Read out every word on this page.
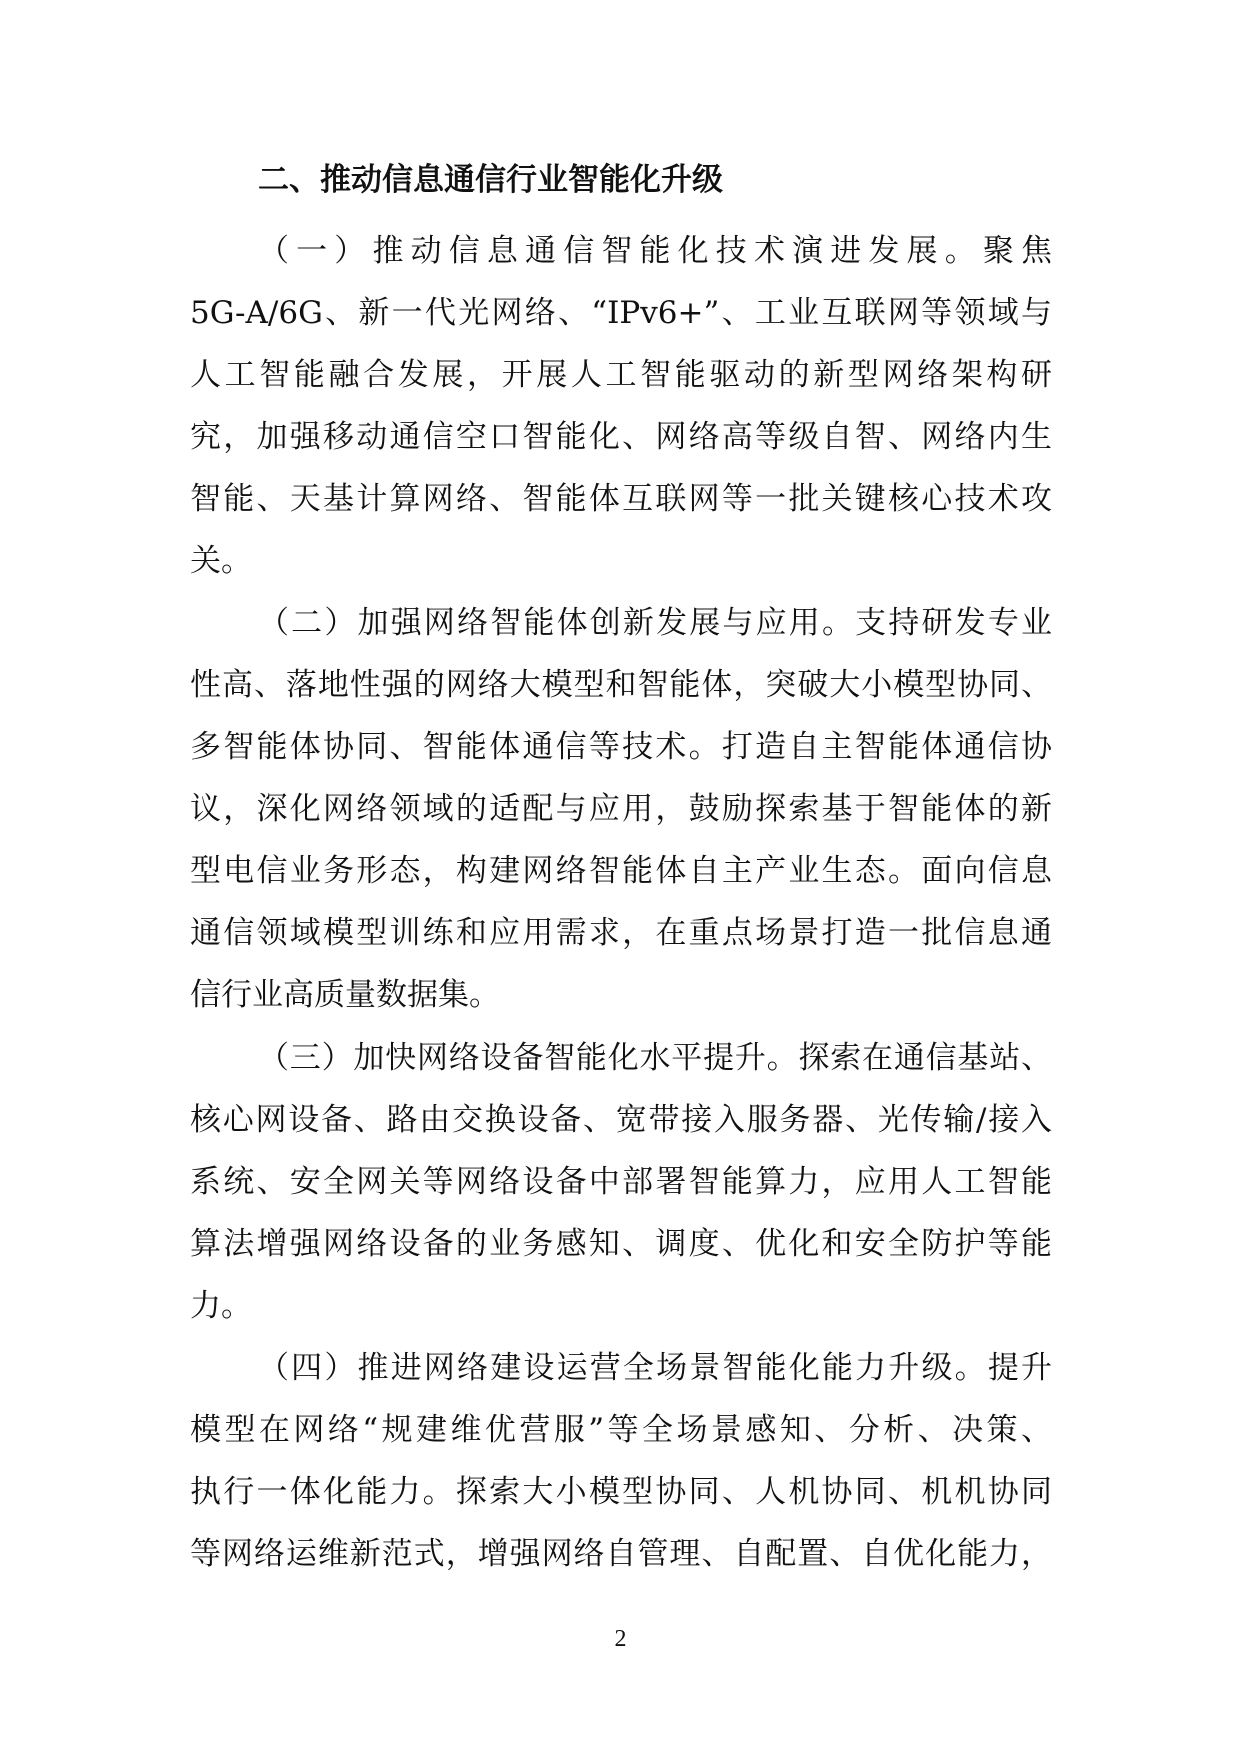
二、推动信息通信行业智能化升级
（一）推动信息通信智能化技术演进发展。聚焦
5G-A/6G、新一代光网络、“IPv6+”、工业互联网等领域与
人工智能融合发展，开展人工智能驱动的新型网络架构研
究，加强移动通信空口智能化、网络高等级自智、网络内生
智能、天基计算网络、智能体互联网等一批关键核心技术攻
关。
（二）加强网络智能体创新发展与应用。支持研发专业
性高、落地性强的网络大模型和智能体，突破大小模型协同、
多智能体协同、智能体通信等技术。打造自主智能体通信协
议，深化网络领域的适配与应用，鼓励探索基于智能体的新
型电信业务形态，构建网络智能体自主产业生态。面向信息
通信领域模型训练和应用需求，在重点场景打造一批信息通
信行业高质量数据集。
（三）加快网络设备智能化水平提升。探索在通信基站、
核心网设备、路由交换设备、宽带接入服务器、光传输/接入
系统、安全网关等网络设备中部署智能算力，应用人工智能
算法增强网络设备的业务感知、调度、优化和安全防护等能
力。
（四）推进网络建设运营全场景智能化能力升级。提升
模型在网络“规建维优营服”等全场景感知、分析、决策、
执行一体化能力。探索大小模型协同、人机协同、机机协同
等网络运维新范式，增强网络自管理、自配置、自优化能力，
2
